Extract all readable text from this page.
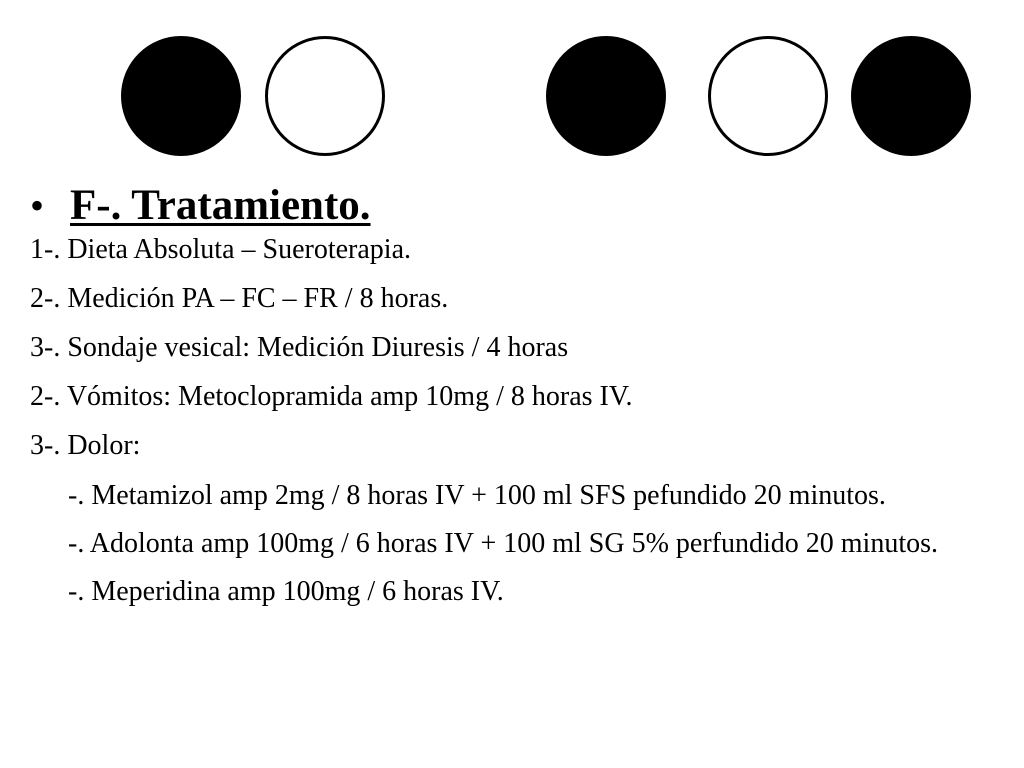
• F-. Tratamiento.
1-. Dieta Absoluta – Sueroterapia.
2-. Medición PA – FC – FR / 8 horas.
3-. Sondaje vesical: Medición Diuresis / 4 horas
2-. Vómitos: Metoclopramida amp 10mg / 8 horas IV.
3-. Dolor:
-. Metamizol amp 2mg / 8 horas IV + 100 ml SFS pefundido 20 minutos.
-. Adolonta amp 100mg / 6 horas IV + 100 ml SG 5% perfundido 20 minutos.
-. Meperidina amp 100mg / 6 horas IV.
